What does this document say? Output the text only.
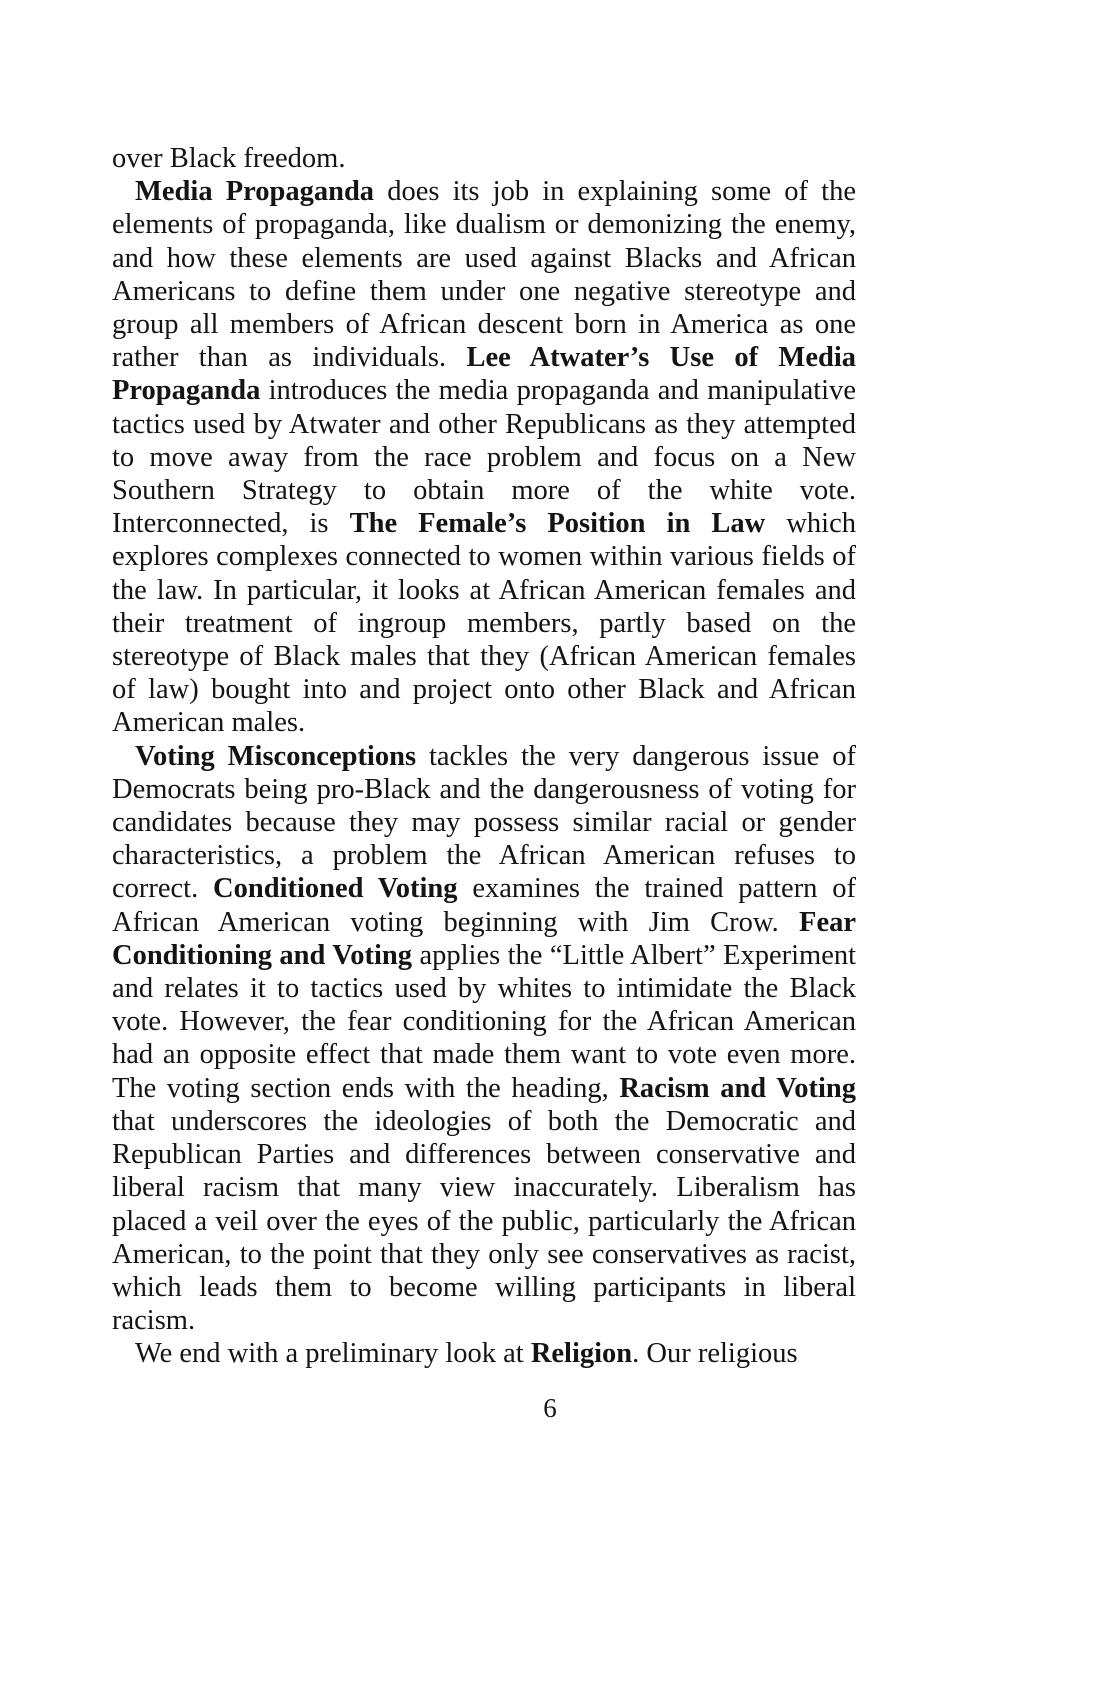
over Black freedom.

Media Propaganda does its job in explaining some of the elements of propaganda, like dualism or demonizing the enemy, and how these elements are used against Blacks and African Americans to define them under one negative stereotype and group all members of African descent born in America as one rather than as individuals. Lee Atwater’s Use of Media Propaganda introduces the media propaganda and manipulative tactics used by Atwater and other Republicans as they attempted to move away from the race problem and focus on a New Southern Strategy to obtain more of the white vote. Interconnected, is The Female’s Position in Law which explores complexes connected to women within various fields of the law. In particular, it looks at African American females and their treatment of ingroup members, partly based on the stereotype of Black males that they (African American females of law) bought into and project onto other Black and African American males.

Voting Misconceptions tackles the very dangerous issue of Democrats being pro-Black and the dangerousness of voting for candidates because they may possess similar racial or gender characteristics, a problem the African American refuses to correct. Conditioned Voting examines the trained pattern of African American voting beginning with Jim Crow. Fear Conditioning and Voting applies the “Little Albert” Experiment and relates it to tactics used by whites to intimidate the Black vote. However, the fear conditioning for the African American had an opposite effect that made them want to vote even more. The voting section ends with the heading, Racism and Voting that underscores the ideologies of both the Democratic and Republican Parties and differences between conservative and liberal racism that many view inaccurately. Liberalism has placed a veil over the eyes of the public, particularly the African American, to the point that they only see conservatives as racist, which leads them to become willing participants in liberal racism.

We end with a preliminary look at Religion. Our religious

6
